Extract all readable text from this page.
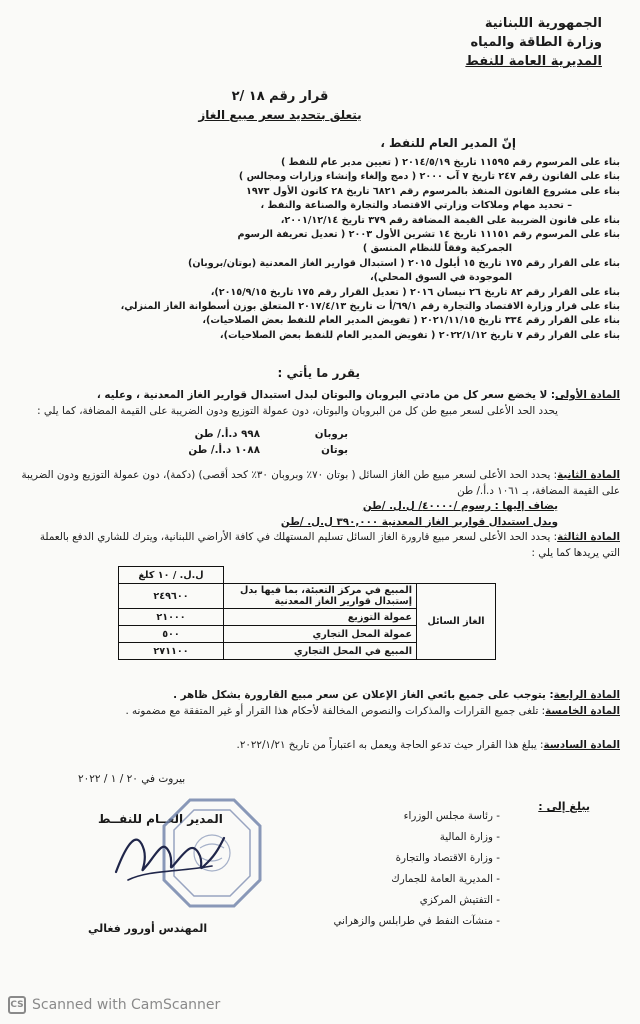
الجمهورية اللبنانية
وزارة الطاقة والمياه
المديرية العامة للنفط
قرار رقم ١٨ /٢
يتعلق بتحديد سعر مبيع الغاز
إنّ المدير العام للنفط ،
بناء على المرسوم رقم ١١٥٩٥ تاريخ ٢٠١٤/٥/١٩ ( تعيين مدير عام للنفط )
بناء على القانون رقم ٢٤٧ تاريخ ٧ آب ٢٠٠٠ ( دمج وإلغاء وإنشاء وزارات ومجالس )
بناء على مشروع القانون المنفذ بالمرسوم رقم ٦٨٢١ تاريخ ٢٨ كانون الأول ١٩٧٣
– تحديد مهام وملاكات وزارتي الاقتصاد والتجارة والصناعة والنفط ،
بناء على قانون الضريبة على القيمة المضافة رقم ٣٧٩ تاريخ ٢٠٠١/١٢/١٤،
بناء على المرسوم رقم ١١١٥١ تاريخ ١٤ تشرين الأول ٢٠٠٣ ( تعديل تعريفة الرسوم
الجمركية وفقاً للنظام المنسق )
بناء على القرار رقم ١٧٥ تاريخ ١٥ أيلول ٢٠١٥ ( استبدال قوارير الغاز المعدنية (بوتان/بروبان)
الموجودة في السوق المحلي)،
بناء على القرار رقم ٨٢ تاريخ ٢٦ نيسان ٢٠١٦ ( تعديل القرار رقم ١٧٥ تاريخ ٢٠١٥/٩/١٥)،
بناء على قرار وزارة الاقتصاد والتجارة رقم ٦٩/١/أ ت تاريخ ٢٠١٧/٤/١٣ المتعلق بوزن أسطوانة الغاز المنزلي،
بناء على القرار رقم ٣٣٤ تاريخ ٢٠٢١/١١/١٥ ( تفويض المدير العام للنفط بعض الصلاحيات)،
بناء على القرار رقم ٧ تاريخ ٢٠٢٢/١/١٢ ( تفويض المدير العام للنفط بعض الصلاحيات)،
يقرر ما يأتي :
المادة الأولى: لا يخضع سعر كل من مادتي البروبان والبوتان لبدل استبدال قوارير الغاز المعدنية ، وعليه ،
يحدد الحد الأعلى لسعر مبيع طن كل من البروبان والبوتان، دون عمولة التوزيع ودون الضريبة على القيمة المضافة، كما يلي :
بروبان
٩٩٨ د.أ./ طن
بوتان
١٠٨٨ د.أ./ طن
المادة الثانية: يحدد الحد الأعلى لسعر مبيع طن الغاز السائل ( بوتان ٧٠٪ وبروبان ٣٠٪ كحد أقصى) (دكمة)، دون عمولة التوزيع ودون الضريبة على القيمة المضافة، بـ ١٠٦١ د.أ./ طن
يضاف إليها : رسوم /٤٠٠٠٠/ ل.ل. /طن
وبدل استبدال قوارير الغاز المعدنية ٣٩٠,٠٠٠ ل.ل. /طن
المادة الثالثة: يحدد الحد الأعلى لسعر مبيع قارورة الغاز السائل تسليم المستهلك في كافة الأراضي اللبنانية، ويترك للشاري الدفع بالعملة التي يريدها كما يلي :
		ل.ل. / ١٠ كلغ
الغاز السائل	المبيع في مركز التعبئة، بما فيها بدل إستبدال قوارير الغاز المعدنية	٢٤٩٦٠٠
	عمولة التوزيع	٢١٠٠٠
	عمولة المحل التجاري	٥٠٠
	المبيع في المحل التجاري	٢٧١١٠٠
المادة الرابعة: يتوجب على جميع بائعي الغاز الإعلان عن سعر مبيع القارورة بشكل ظاهر .
المادة الخامسة: تلغى جميع القرارات والمذكرات والنصوص المخالفة لأحكام هذا القرار أو غير المتفقة مع مضمونه .
المادة السادسة: يبلغ هذا القرار حيث تدعو الحاجة ويعمل به اعتباراً من تاريخ ٢٠٢٢/١/٢١.
بيروت في ٢٠ / ١ / ٢٠٢٢
يبلغ إلى :
- رئاسة مجلس الوزراء
- وزارة المالية
- وزارة الاقتصاد والتجارة
- المديرية العامة للجمارك
- التفتيش المركزي
- منشآت النفط في طرابلس والزهراني
المدير العــام للنفــط
المهندس أورور فغالي
CS Scanned with CamScanner
